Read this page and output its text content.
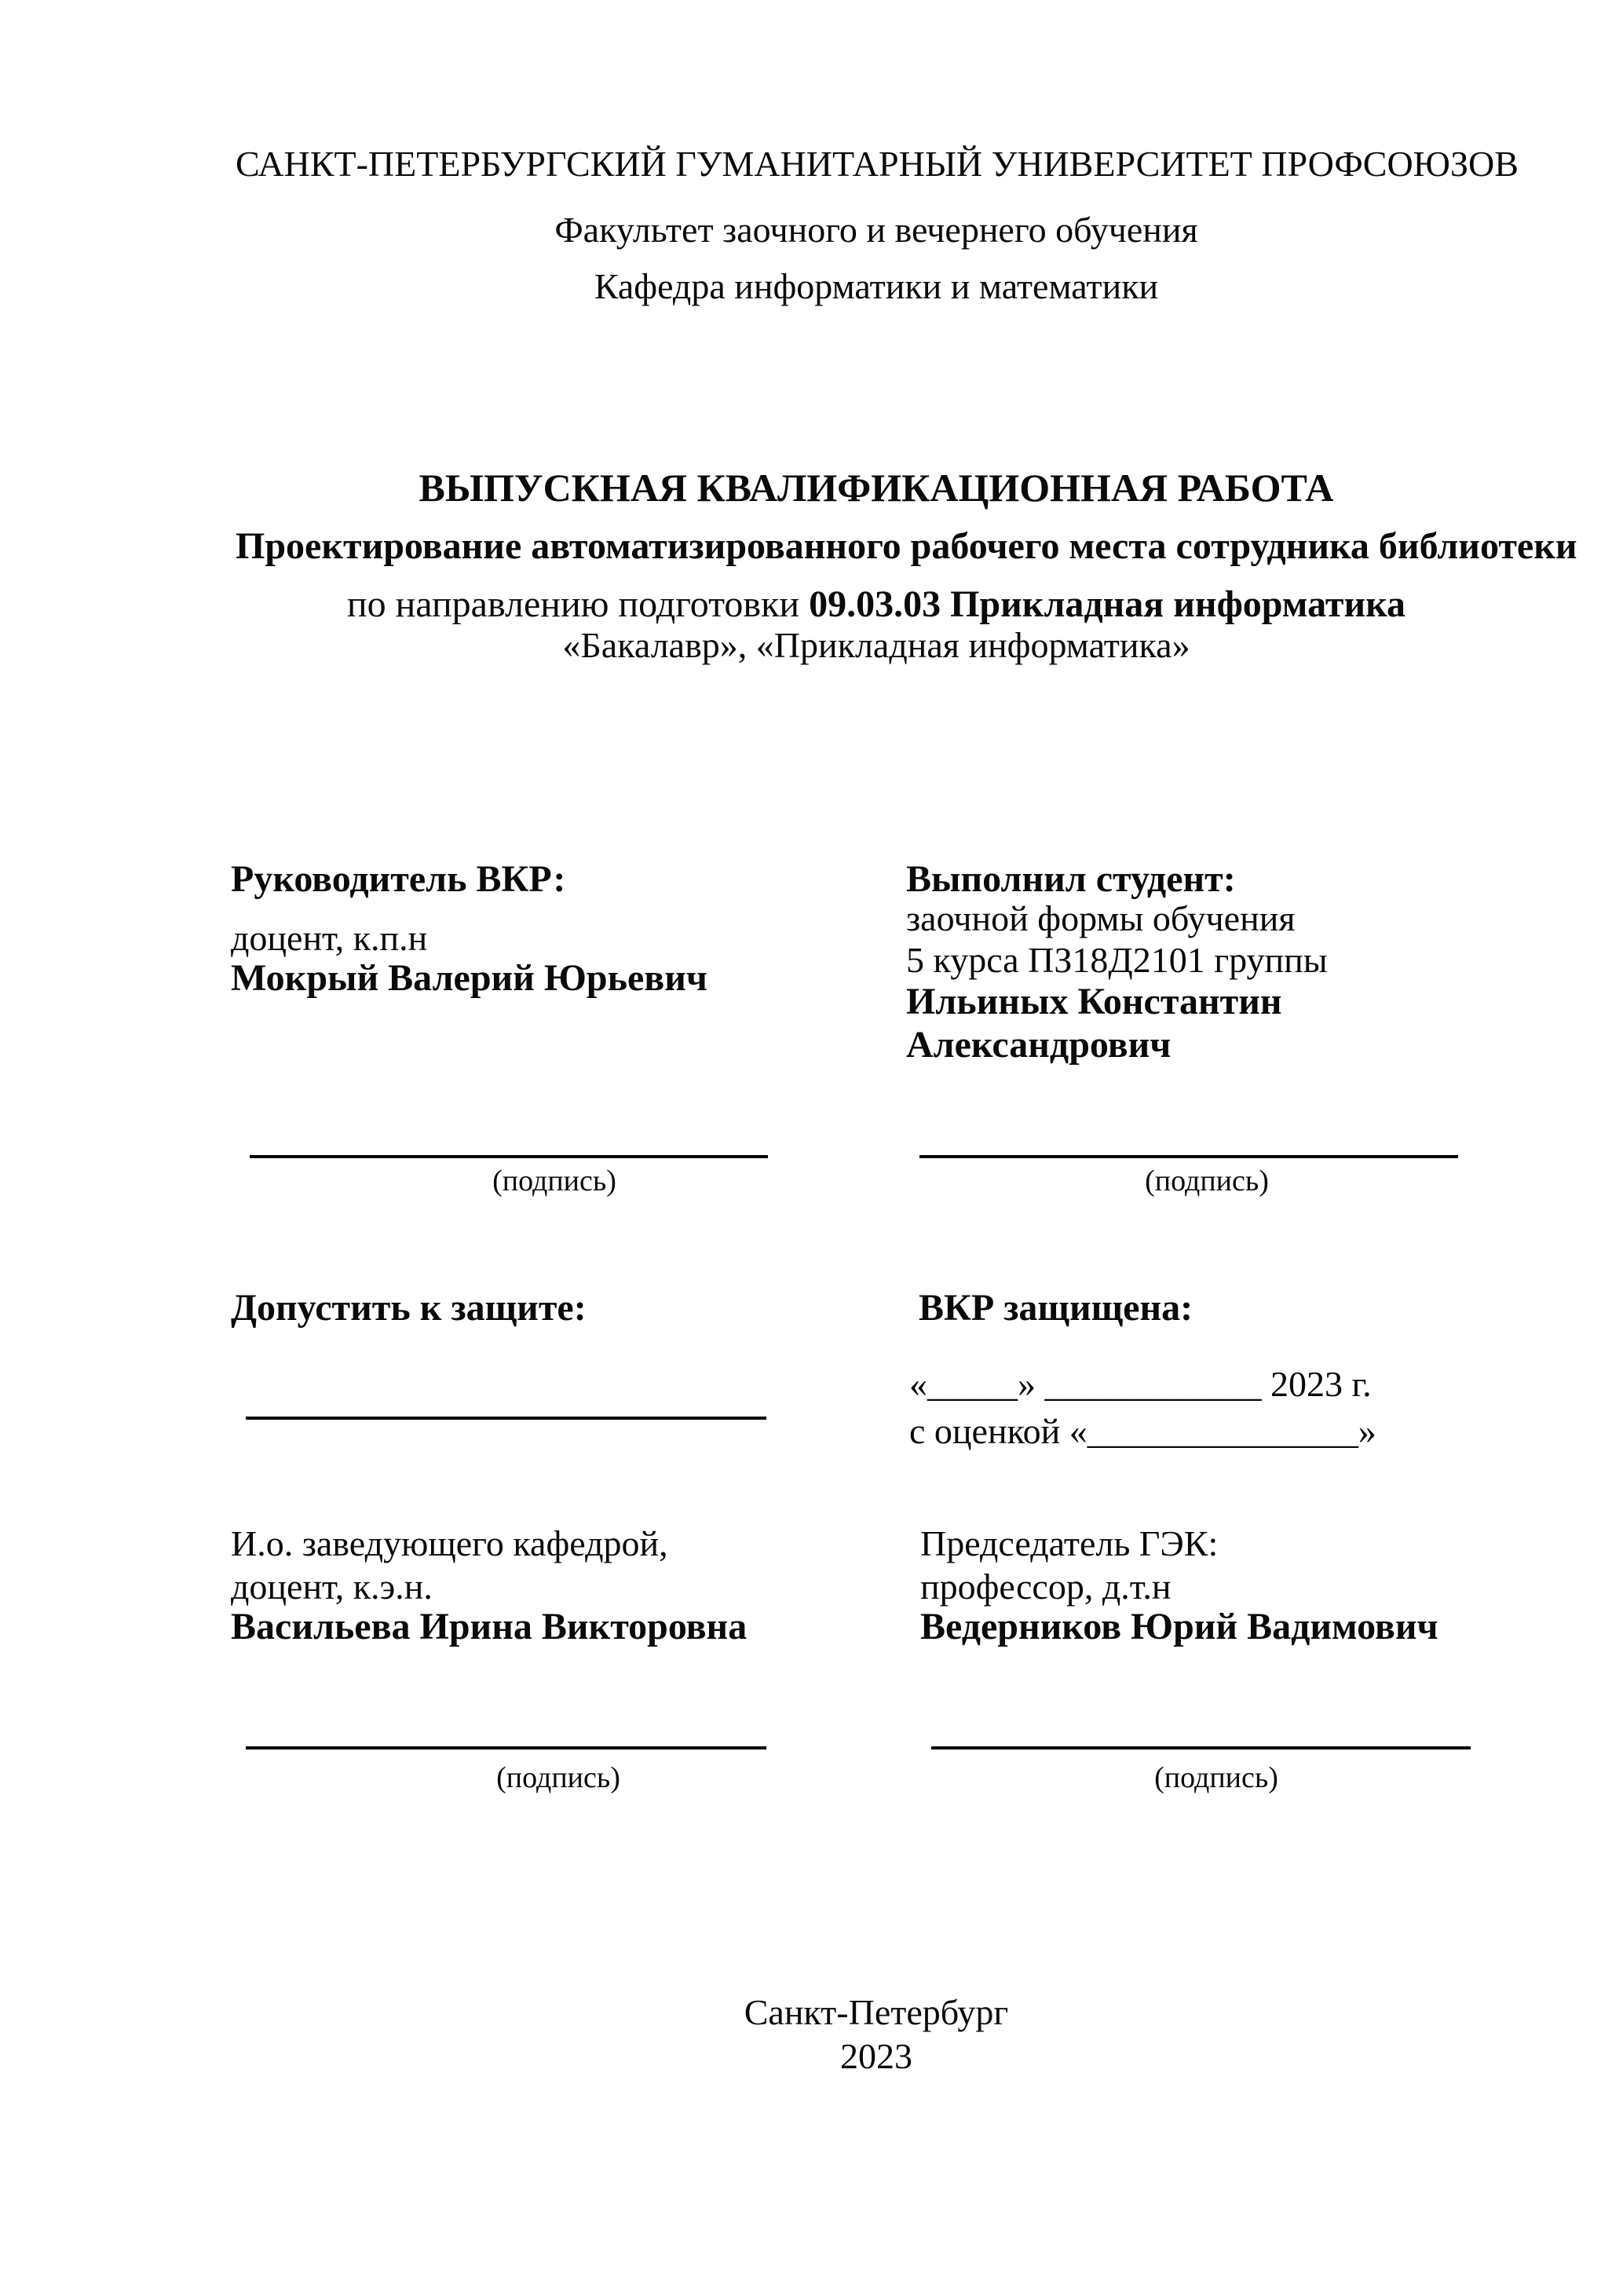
САНКТ-ПЕТЕРБУРГСКИЙ ГУМАНИТАРНЫЙ УНИВЕРСИТЕТ ПРОФСОЮЗОВ
Факультет заочного и вечернего обучения
Кафедра информатики и математики
ВЫПУСКНАЯ КВАЛИФИКАЦИОННАЯ РАБОТА
Проектирование автоматизированного рабочего места сотрудника библиотеки
по направлению подготовки 09.03.03 Прикладная информатика
«Бакалавр», «Прикладная информатика»
Руководитель ВКР:
доцент, к.п.н
Мокрый Валерий Юрьевич
Выполнил студент:
заочной формы обучения
5 курса ПЗ18Д2101 группы
Ильиных Константин
Александрович
(подпись)	(подпись)
Допустить к защите:	ВКР защищена:
«_____» ____________ 2023 г.
с оценкой «_______________»
И.о. заведующего кафедрой,
доцент, к.э.н.
Васильева Ирина Викторовна
Председатель ГЭК:
профессор, д.т.н
Ведерников Юрий Вадимович
(подпись)	(подпись)
Санкт-Петербург
2023
